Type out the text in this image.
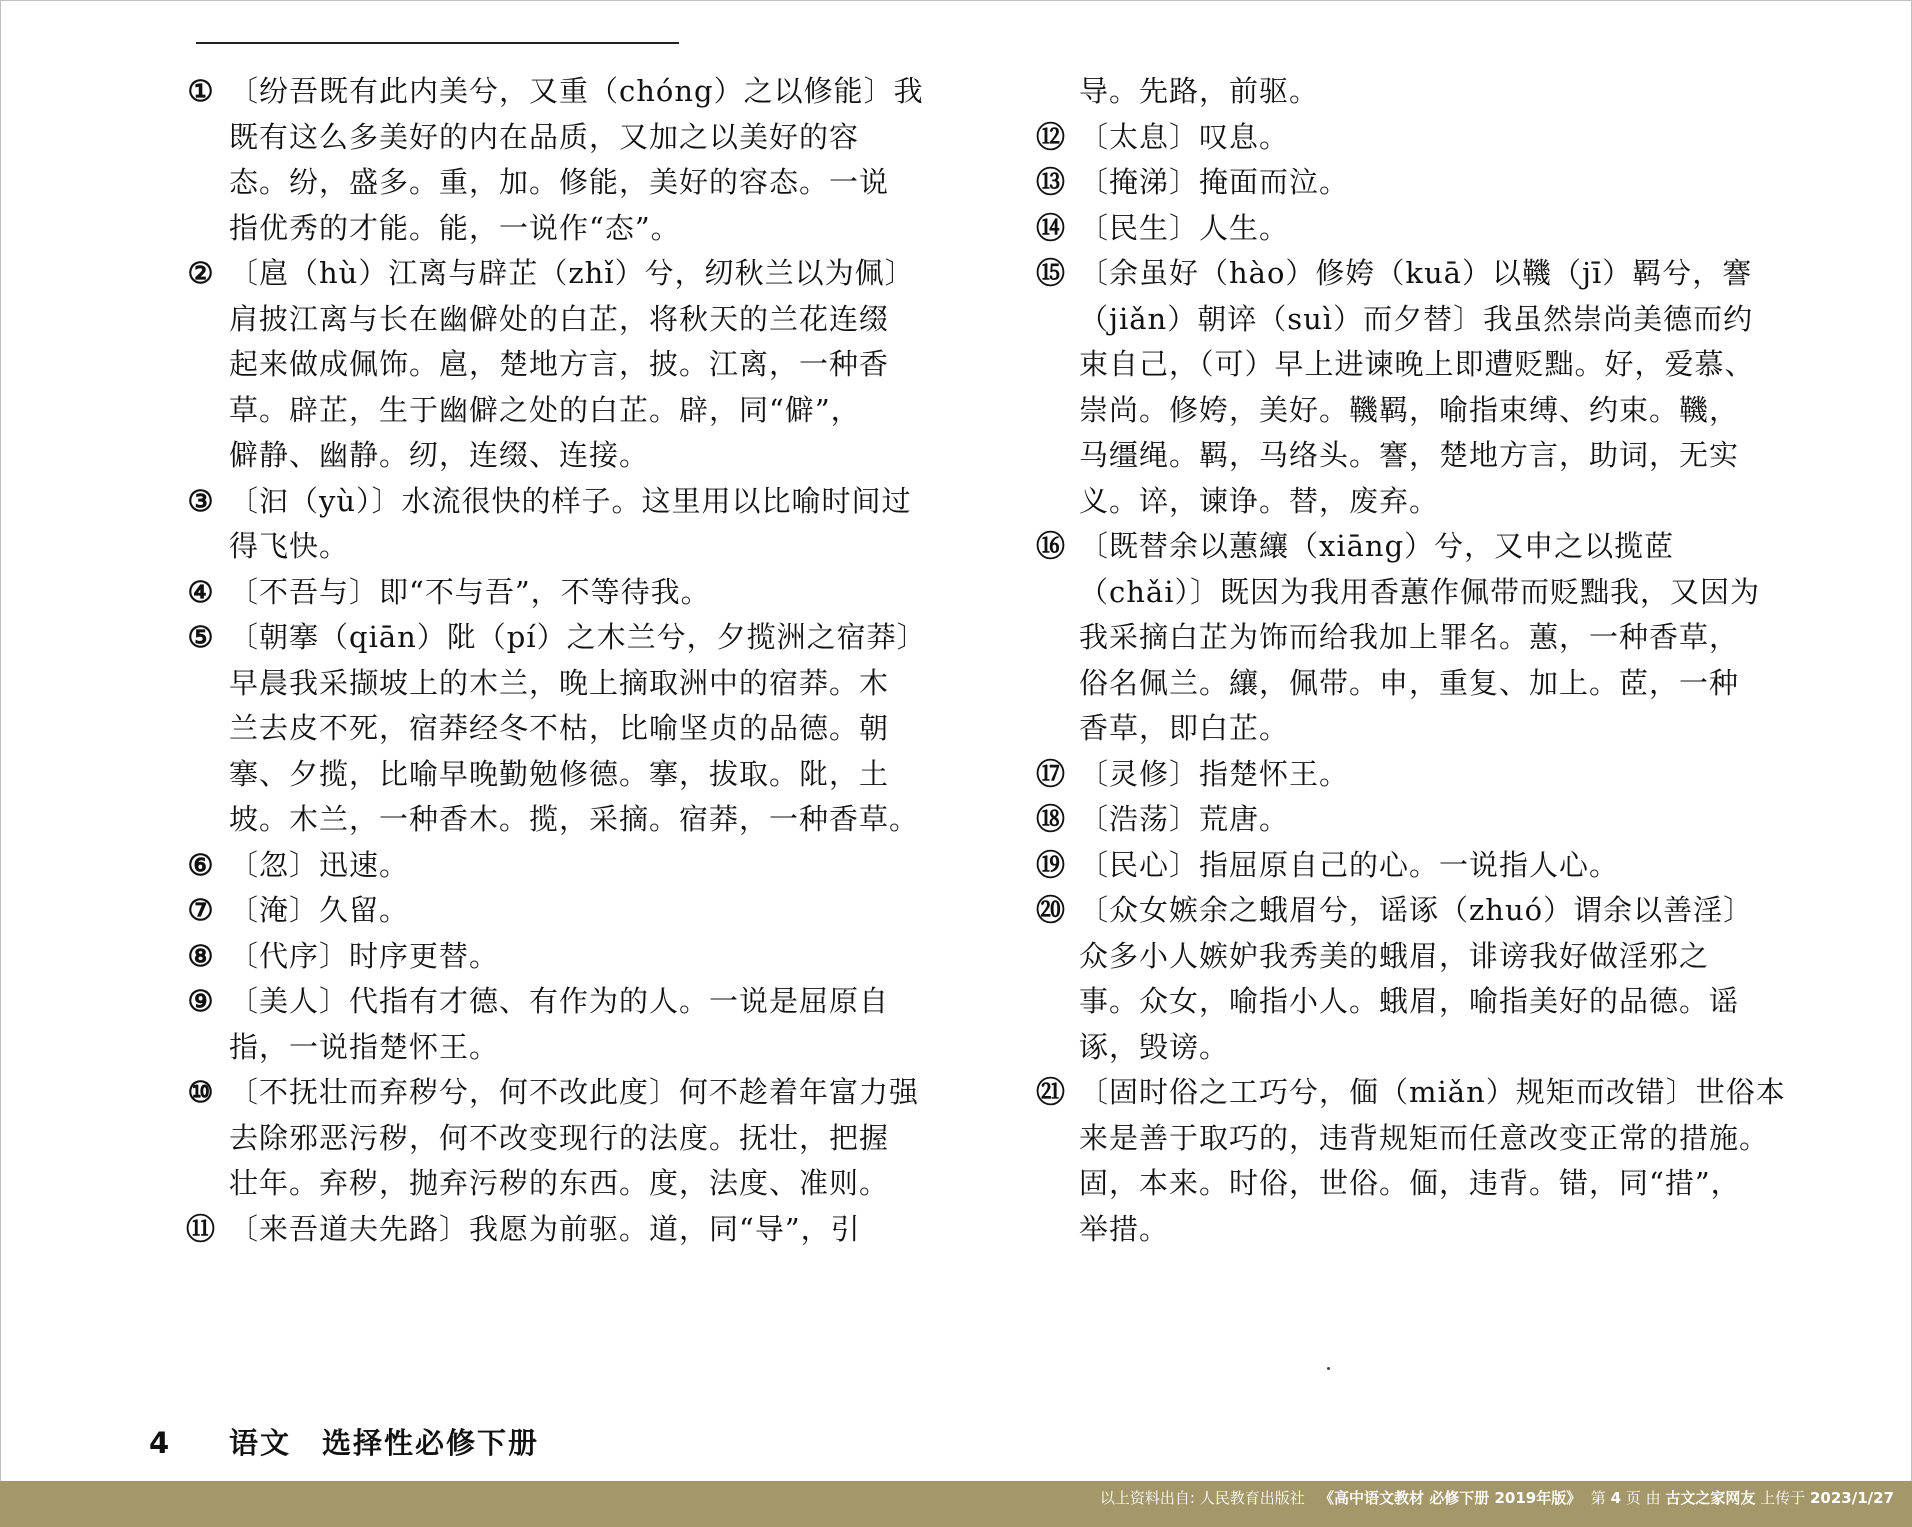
① 〔纷吾既有此内美兮，又重（chóng）之以修能〕我
既有这么多美好的内在品质，又加之以美好的容
态。纷，盛多。重，加。修能，美好的容态。一说
指优秀的才能。能，一说作“态”。
② 〔扈（hù）江离与辟芷（zhǐ）兮，纫秋兰以为佩〕
肩披江离与长在幽僻处的白芷，将秋天的兰花连缀
起来做成佩饰。扈，楚地方言，披。江离，一种香
草。辟芷，生于幽僻之处的白芷。辟，同“僻”，
僻静、幽静。纫，连缀、连接。
③ 〔汩（yù）〕水流很快的样子。这里用以比喻时间过
得飞快。
④ 〔不吾与〕即“不与吾”，不等待我。
⑤ 〔朝搴（qiān）阰（pí）之木兰兮，夕揽洲之宿莽〕
早晨我采撷坡上的木兰，晚上摘取洲中的宿莽。木
兰去皮不死，宿莽经冬不枯，比喻坚贞的品德。朝
搴、夕揽，比喻早晚勤勉修德。搴，拔取。阰，土
坡。木兰，一种香木。揽，采摘。宿莽，一种香草。
⑥ 〔忽〕迅速。
⑦ 〔淹〕久留。
⑧ 〔代序〕时序更替。
⑨ 〔美人〕代指有才德、有作为的人。一说是屈原自
指，一说指楚怀王。
⑩ 〔不抚壮而弃秽兮，何不改此度〕何不趁着年富力强
去除邪恶污秽，何不改变现行的法度。抚壮，把握
壮年。弃秽，抛弃污秽的东西。度，法度、准则。
⑪ 〔来吾道夫先路〕我愿为前驱。道，同“导”，引
导。先路，前驱。
⑫ 〔太息〕叹息。
⑬ 〔掩涕〕掩面而泣。
⑭ 〔民生〕人生。
⑮ 〔余虽好（hào）修姱（kuā）以鞿（jī）羁兮，謇
（jiǎn）朝谇（suì）而夕替〕我虽然崇尚美德而约
束自己，（可）早上进谏晚上即遭贬黜。好，爱慕、
崇尚。修姱，美好。鞿羁，喻指束缚、约束。鞿，
马缰绳。羁，马络头。謇，楚地方言，助词，无实
义。谇，谏诤。替，废弃。
⑯ 〔既替余以蕙纕（xiāng）兮，又申之以揽茝
（chǎi）〕既因为我用香蕙作佩带而贬黜我，又因为
我采摘白芷为饰而给我加上罪名。蕙，一种香草，
俗名佩兰。纕，佩带。申，重复、加上。茝，一种
香草，即白芷。
⑰ 〔灵修〕指楚怀王。
⑱ 〔浩荡〕荒唐。
⑲ 〔民心〕指屈原自己的心。一说指人心。
⑳ 〔众女嫉余之蛾眉兮，谣诼（zhuó）谓余以善淫〕
众多小人嫉妒我秀美的蛾眉，诽谤我好做淫邪之
事。众女，喻指小人。蛾眉，喻指美好的品德。谣
诼，毁谤。
㉑ 〔固时俗之工巧兮，偭（miǎn）规矩而改错〕世俗本
来是善于取巧的，违背规矩而任意改变正常的措施。
固，本来。时俗，世俗。偭，违背。错，同“措”，
举措。
4 语文　选择性必修下册
以上资料出自: 人民教育出版社 《高中语文教材 必修下册 2019年版》 第 4 页 由 古文之家网友 上传于 2023/1/27
